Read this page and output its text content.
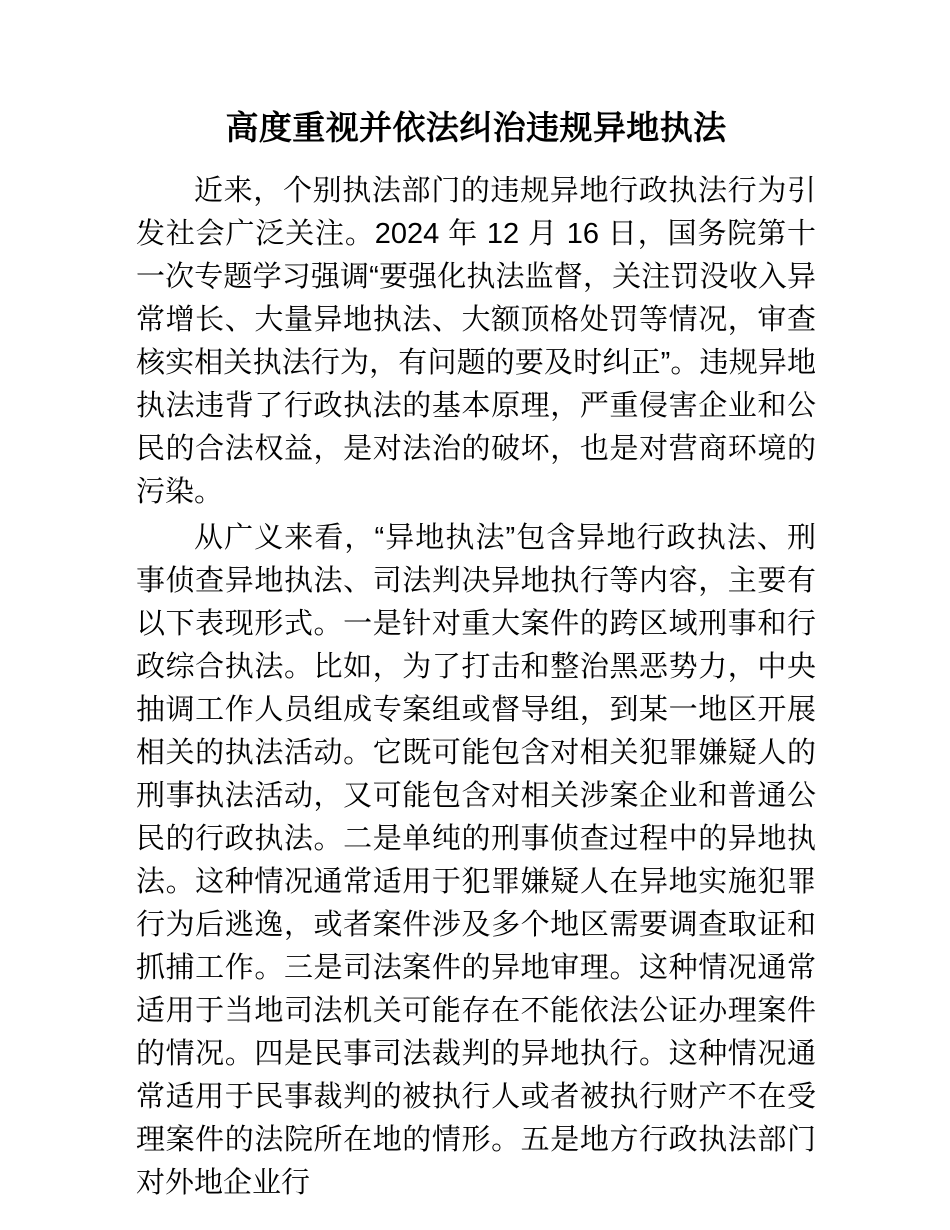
高度重视并依法纠治违规异地执法

近来，个别执法部门的违规异地行政执法行为引发社会广泛关注。2024 年 12 月 16 日，国务院第十一次专题学习强调“要强化执法监督，关注罚没收入异常增长、大量异地执法、大额顶格处罚等情况，审查核实相关执法行为，有问题的要及时纠正”。违规异地执法违背了行政执法的基本原理，严重侵害企业和公民的合法权益，是对法治的破坏，也是对营商环境的污染。

从广义来看，“异地执法”包含异地行政执法、刑事侦查异地执法、司法判决异地执行等内容，主要有以下表现形式。一是针对重大案件的跨区域刑事和行政综合执法。比如，为了打击和整治黑恶势力，中央抽调工作人员组成专案组或督导组，到某一地区开展相关的执法活动。它既可能包含对相关犯罪嫌疑人的刑事执法活动，又可能包含对相关涉案企业和普通公民的行政执法。二是单纯的刑事侦查过程中的异地执法。这种情况通常适用于犯罪嫌疑人在异地实施犯罪行为后逃逸，或者案件涉及多个地区需要调查取证和抓捕工作。三是司法案件的异地审理。这种情况通常适用于当地司法机关可能存在不能依法公证办理案件的情况。四是民事司法裁判的异地执行。这种情况通常适用于民事裁判的被执行人或者被执行财产不在受理案件的法院所在地的情形。五是地方行政执法部门对外地企业行
